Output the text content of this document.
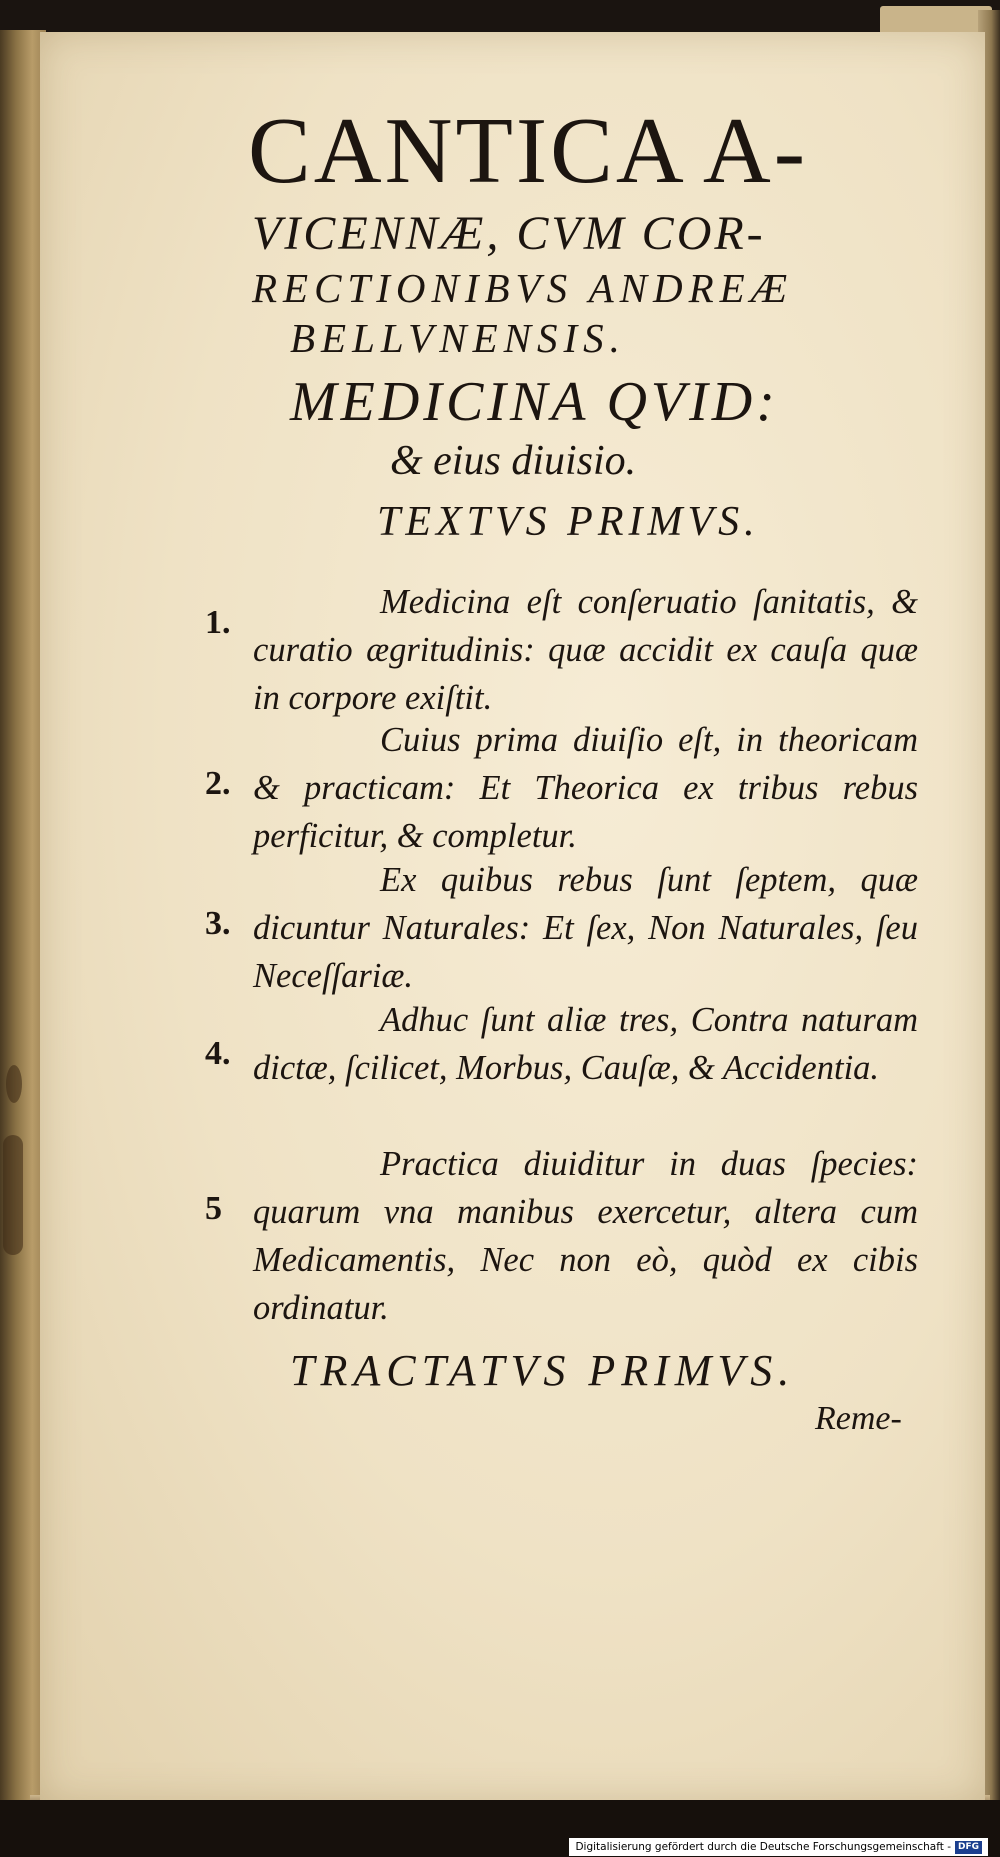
CANTICA A-
VICENNÆ, CVM COR-
RECTIONIBVS ANDREÆ
BELLVNENSIS.
MEDICINA QVID:
& eius diuisio.
TEXTVS PRIMVS.
1.
Medicina eſt conſeruatio ſanitatis, & curatio ægritudinis: quæ accidit ex cauſa quæ in corpore exiſtit.
2.
Cuius prima diuiſio eſt, in theoricam & practicam: Et Theorica ex tribus rebus perficitur, & completur.
3.
Ex quibus rebus ſunt ſeptem, quæ dicuntur Naturales: Et ſex, Non Naturales, ſeu Neceſſariæ.
4.
Adhuc ſunt aliæ tres, Contra naturam dictæ, ſcilicet, Morbus, Cauſæ, & Accidentia.
5
Practica diuiditur in duas ſpecies: quarum vna manibus exercetur, altera cum Medicamentis, Nec non eò, quòd ex cibis ordinatur.
TRACTATVS PRIMVS.
Reme-
Digitalisierung gefördert durch die Deutsche Forschungsgemeinschaft - DFG
